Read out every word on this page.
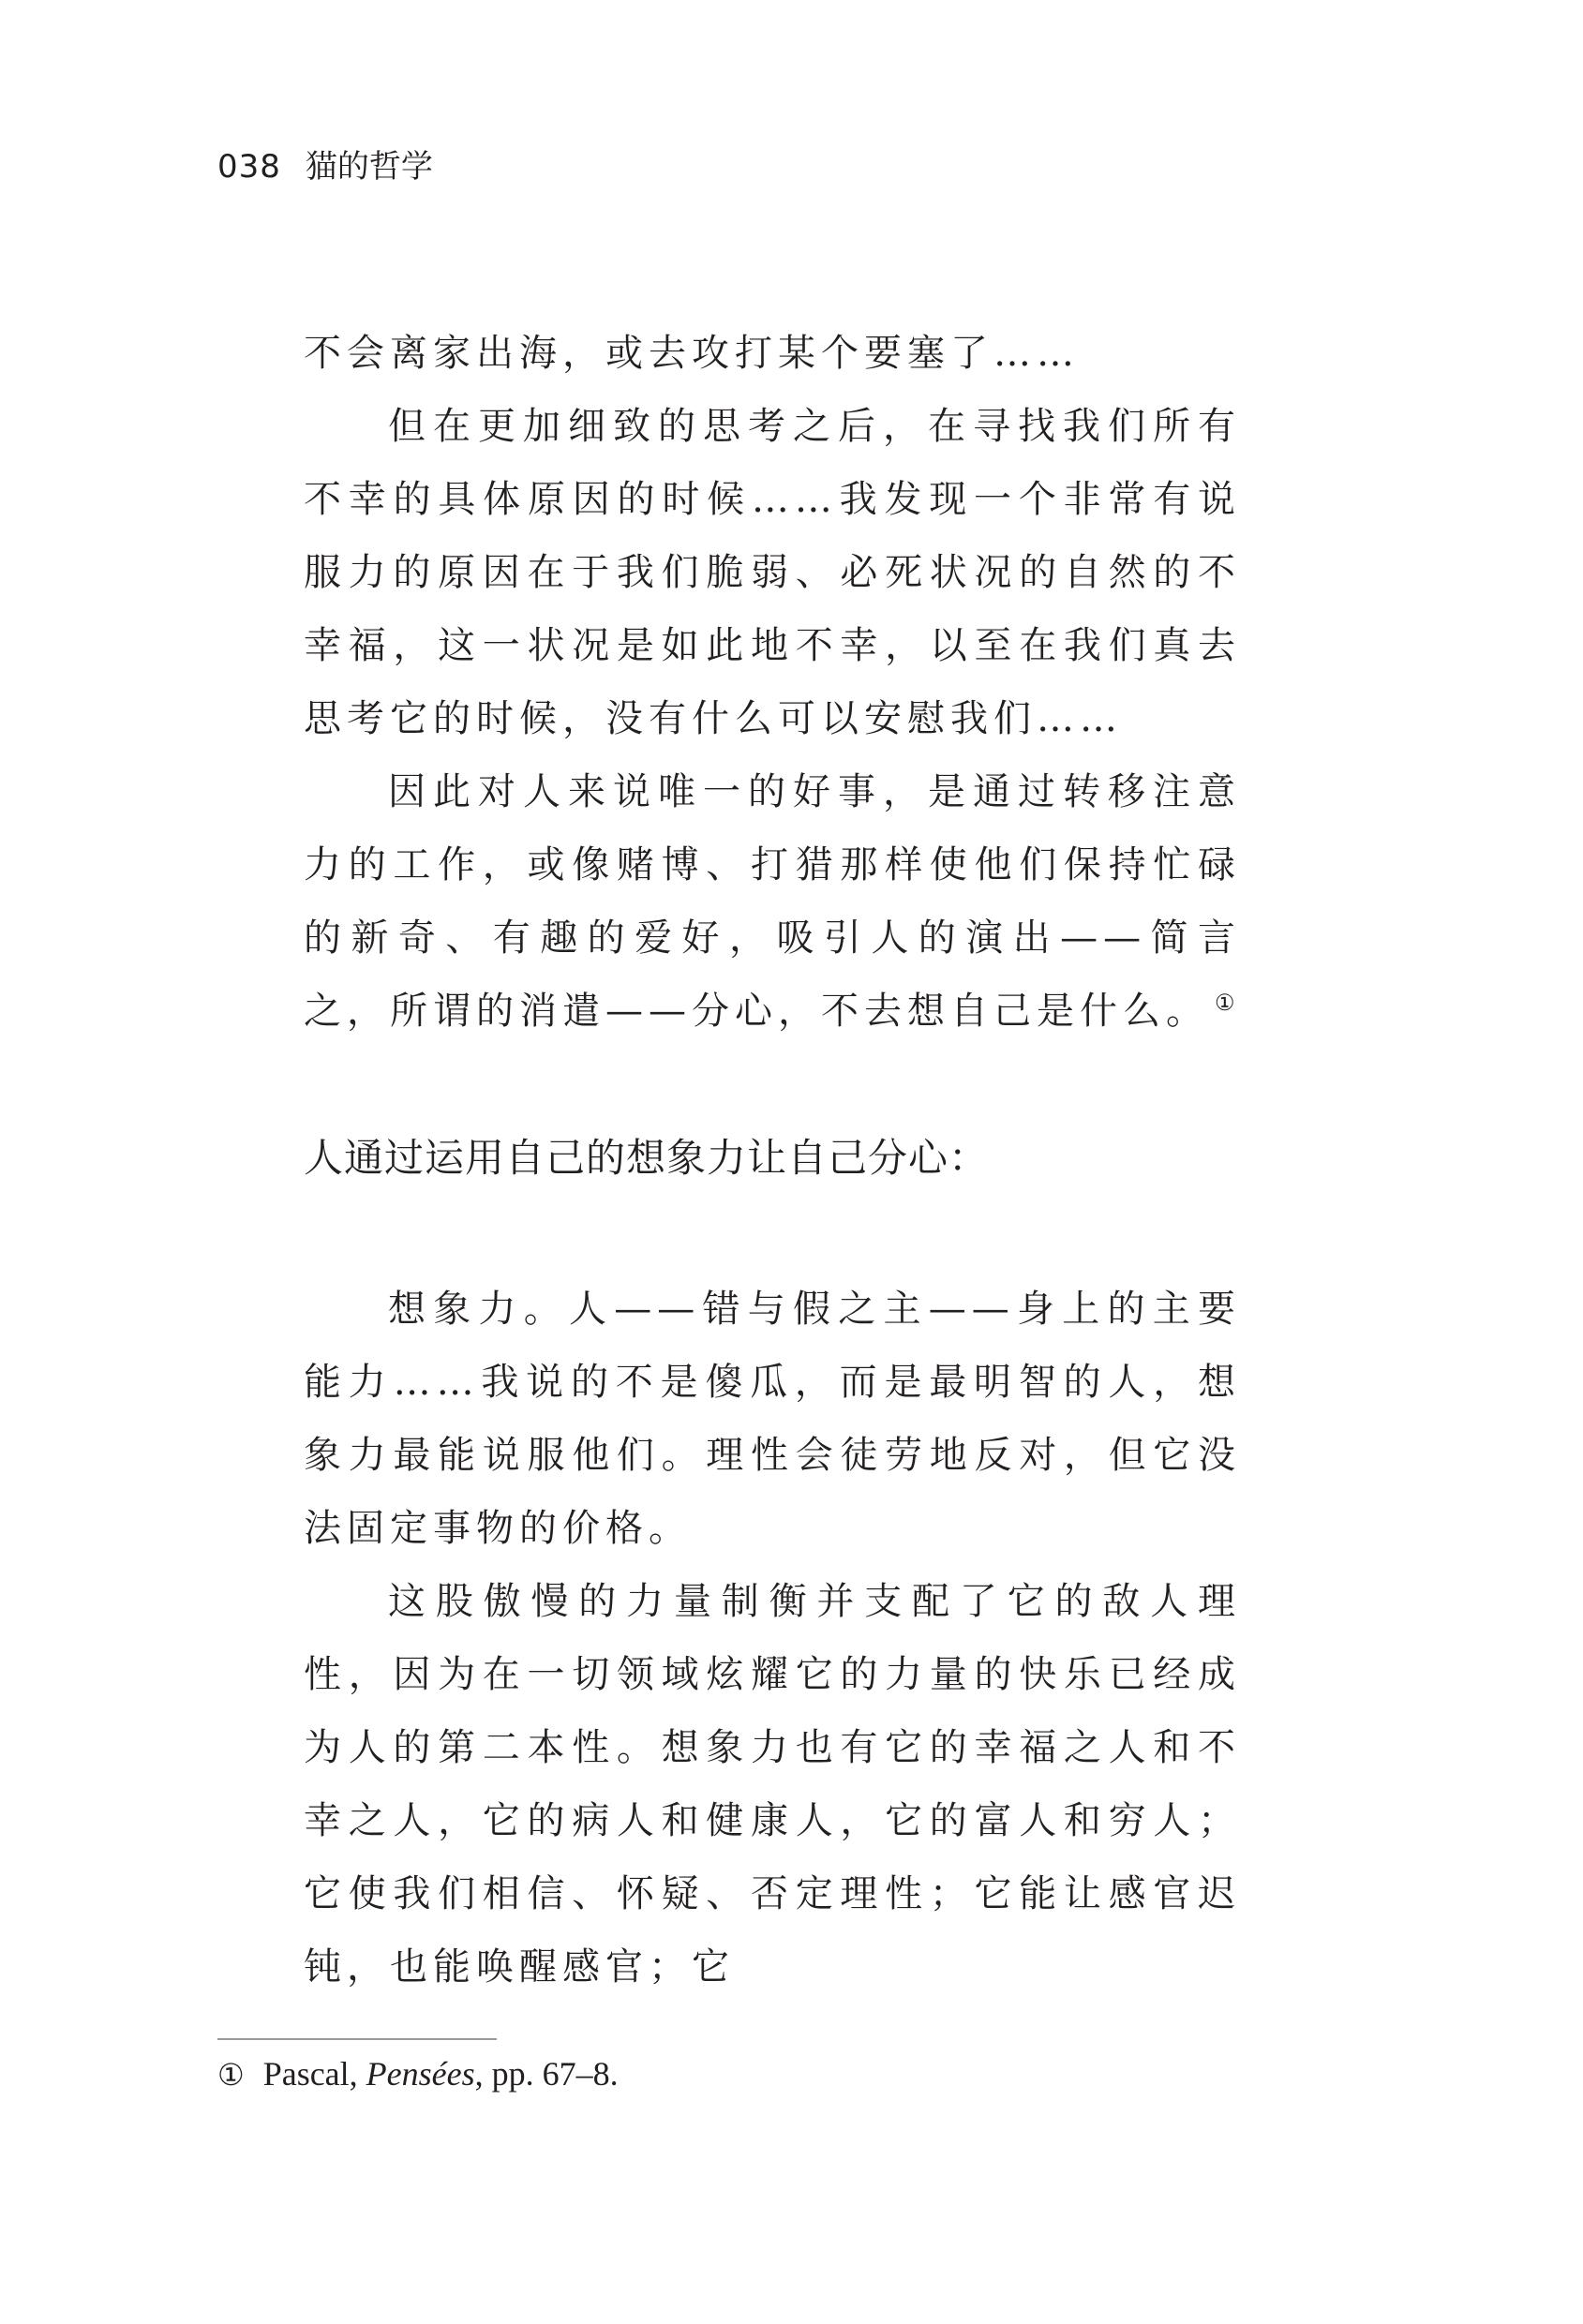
038 猫的哲学

不会离家出海，或去攻打某个要塞了……

但在更加细致的思考之后，在寻找我们所有不幸的具体原因的时候……我发现一个非常有说服力的原因在于我们脆弱、必死状况的自然的不幸福，这一状况是如此地不幸，以至在我们真去思考它的时候，没有什么可以安慰我们……

因此对人来说唯一的好事，是通过转移注意力的工作，或像赌博、打猎那样使他们保持忙碌的新奇、有趣的爱好，吸引人的演出——简言之，所谓的消遣——分心，不去想自己是什么。 ①

人通过运用自己的想象力让自己分心：

想象力。人——错与假之主——身上的主要能力……我说的不是傻瓜，而是最明智的人，想象力最能说服他们。理性会徒劳地反对，但它没法固定事物的价格。

这股傲慢的力量制衡并支配了它的敌人理性，因为在一切领域炫耀它的力量的快乐已经成为人的第二本性。想象力也有它的幸福之人和不幸之人，它的病人和健康人，它的富人和穷人；它使我们相信、怀疑、否定理性；它能让感官迟钝，也能唤醒感官；它

① Pascal, Pensées, pp. 67–8.
